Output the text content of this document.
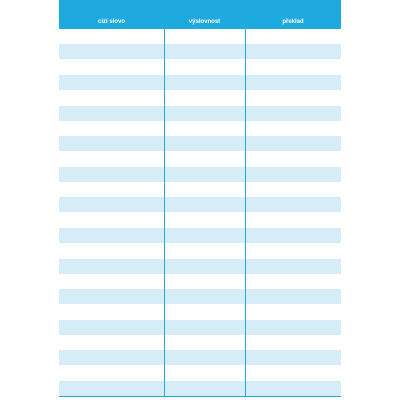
cizí slovo	výslovnost	překlad
